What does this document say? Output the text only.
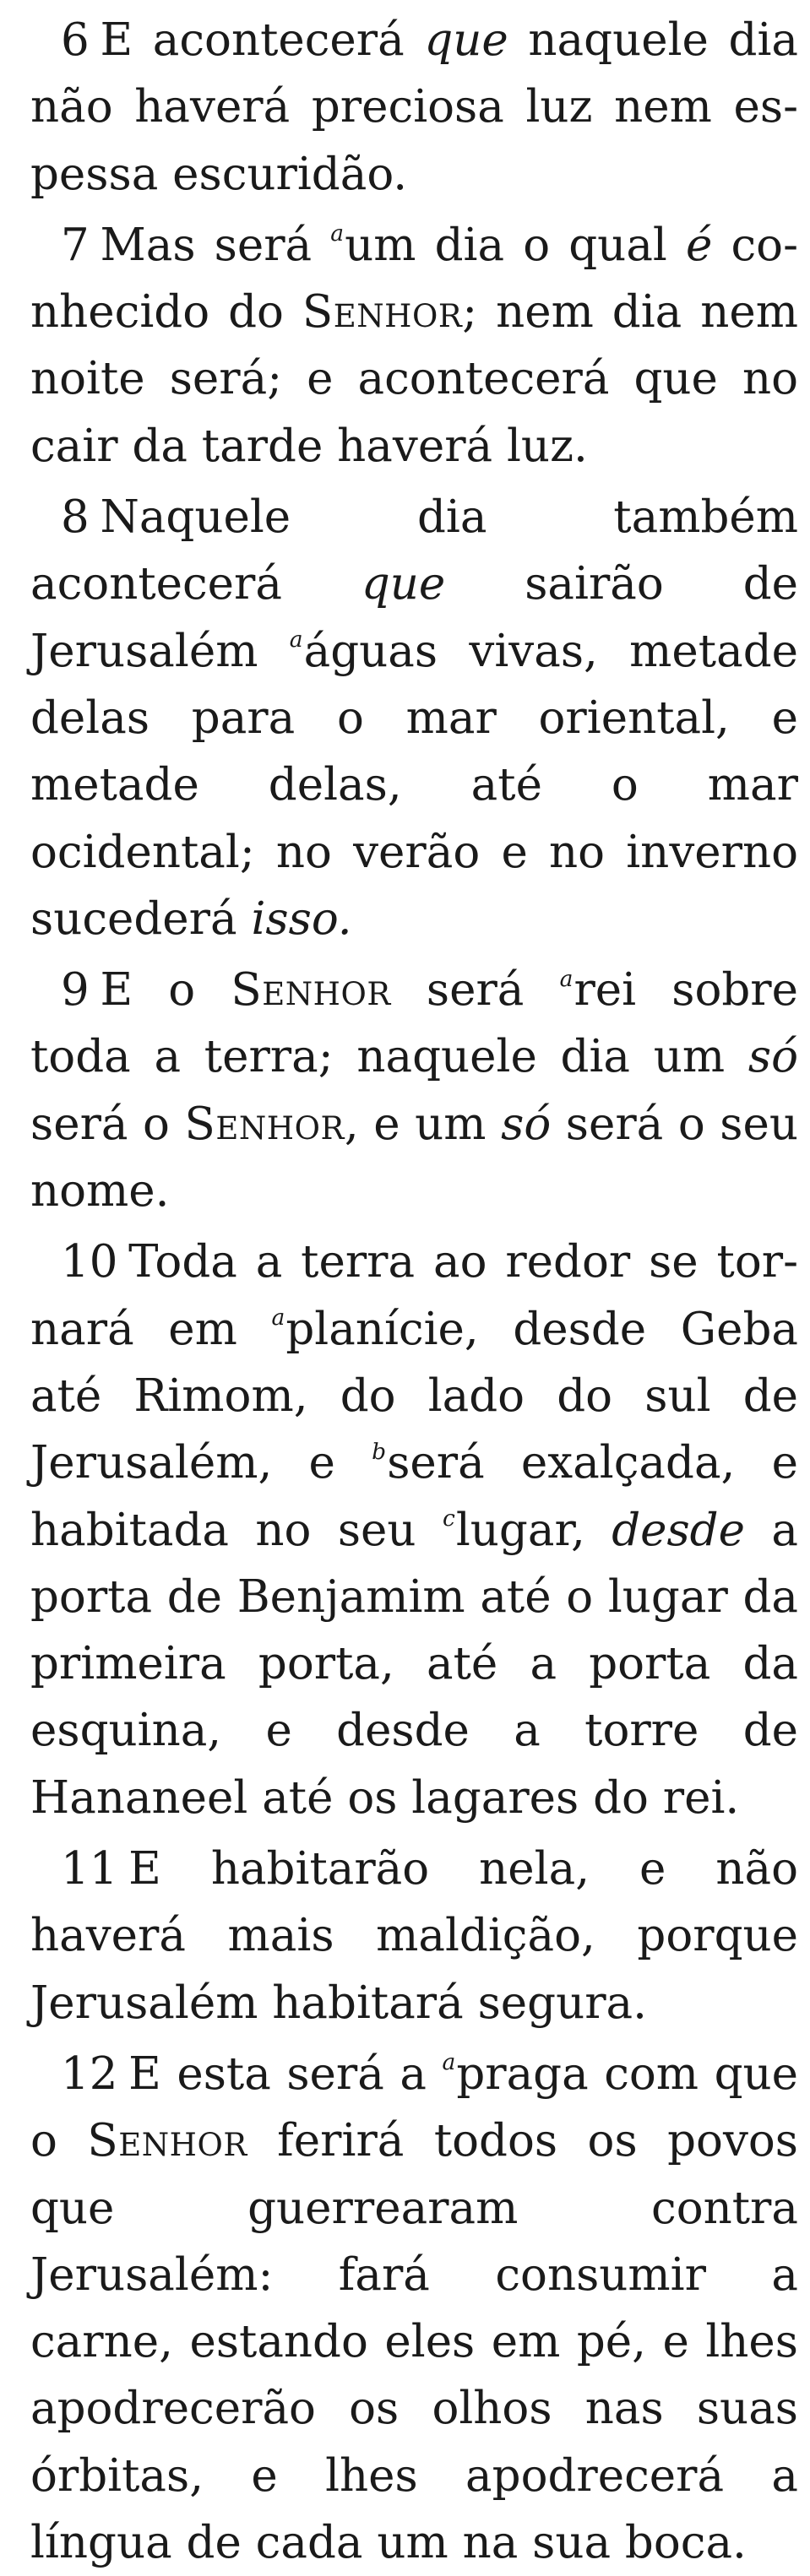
6 E acontecerá que naquele dia não haverá preciosa luz nem espessa escuridão.

7 Mas será $^a$um dia o qual é conhecido do Senhor; nem dia nem noite será; e acontecerá que no cair da tarde haverá luz.

8 Naquele dia também acontecerá que sairão de Jerusalém $^a$águas vivas, metade delas para o mar oriental, e metade delas, até o mar ocidental; no verão e no inverno sucederá isso.

9 E o Senhor será $^a$rei sobre toda a terra; naquele dia um só será o Senhor, e um só será o seu nome.

10 Toda a terra ao redor se tornará em $^a$planície, desde Geba até Rimom, do lado do sul de Jerusalém, e $^b$será exalçada, e habitada no seu $^c$lugar, desde a porta de Benjamim até o lugar da primeira porta, até a porta da esquina, e desde a torre de Hananeel até os lagares do rei.

11 E habitarão nela, e não haverá mais maldição, porque Jerusalém habitará segura.

12 E esta será a $^a$praga com que o Senhor ferirá todos os povos que guerrearam contra Jerusalém: fará consumir a carne, estando eles em pé, e lhes apodrecerão os olhos nas suas órbitas, e lhes apodrecerá a língua de cada um na sua boca.
